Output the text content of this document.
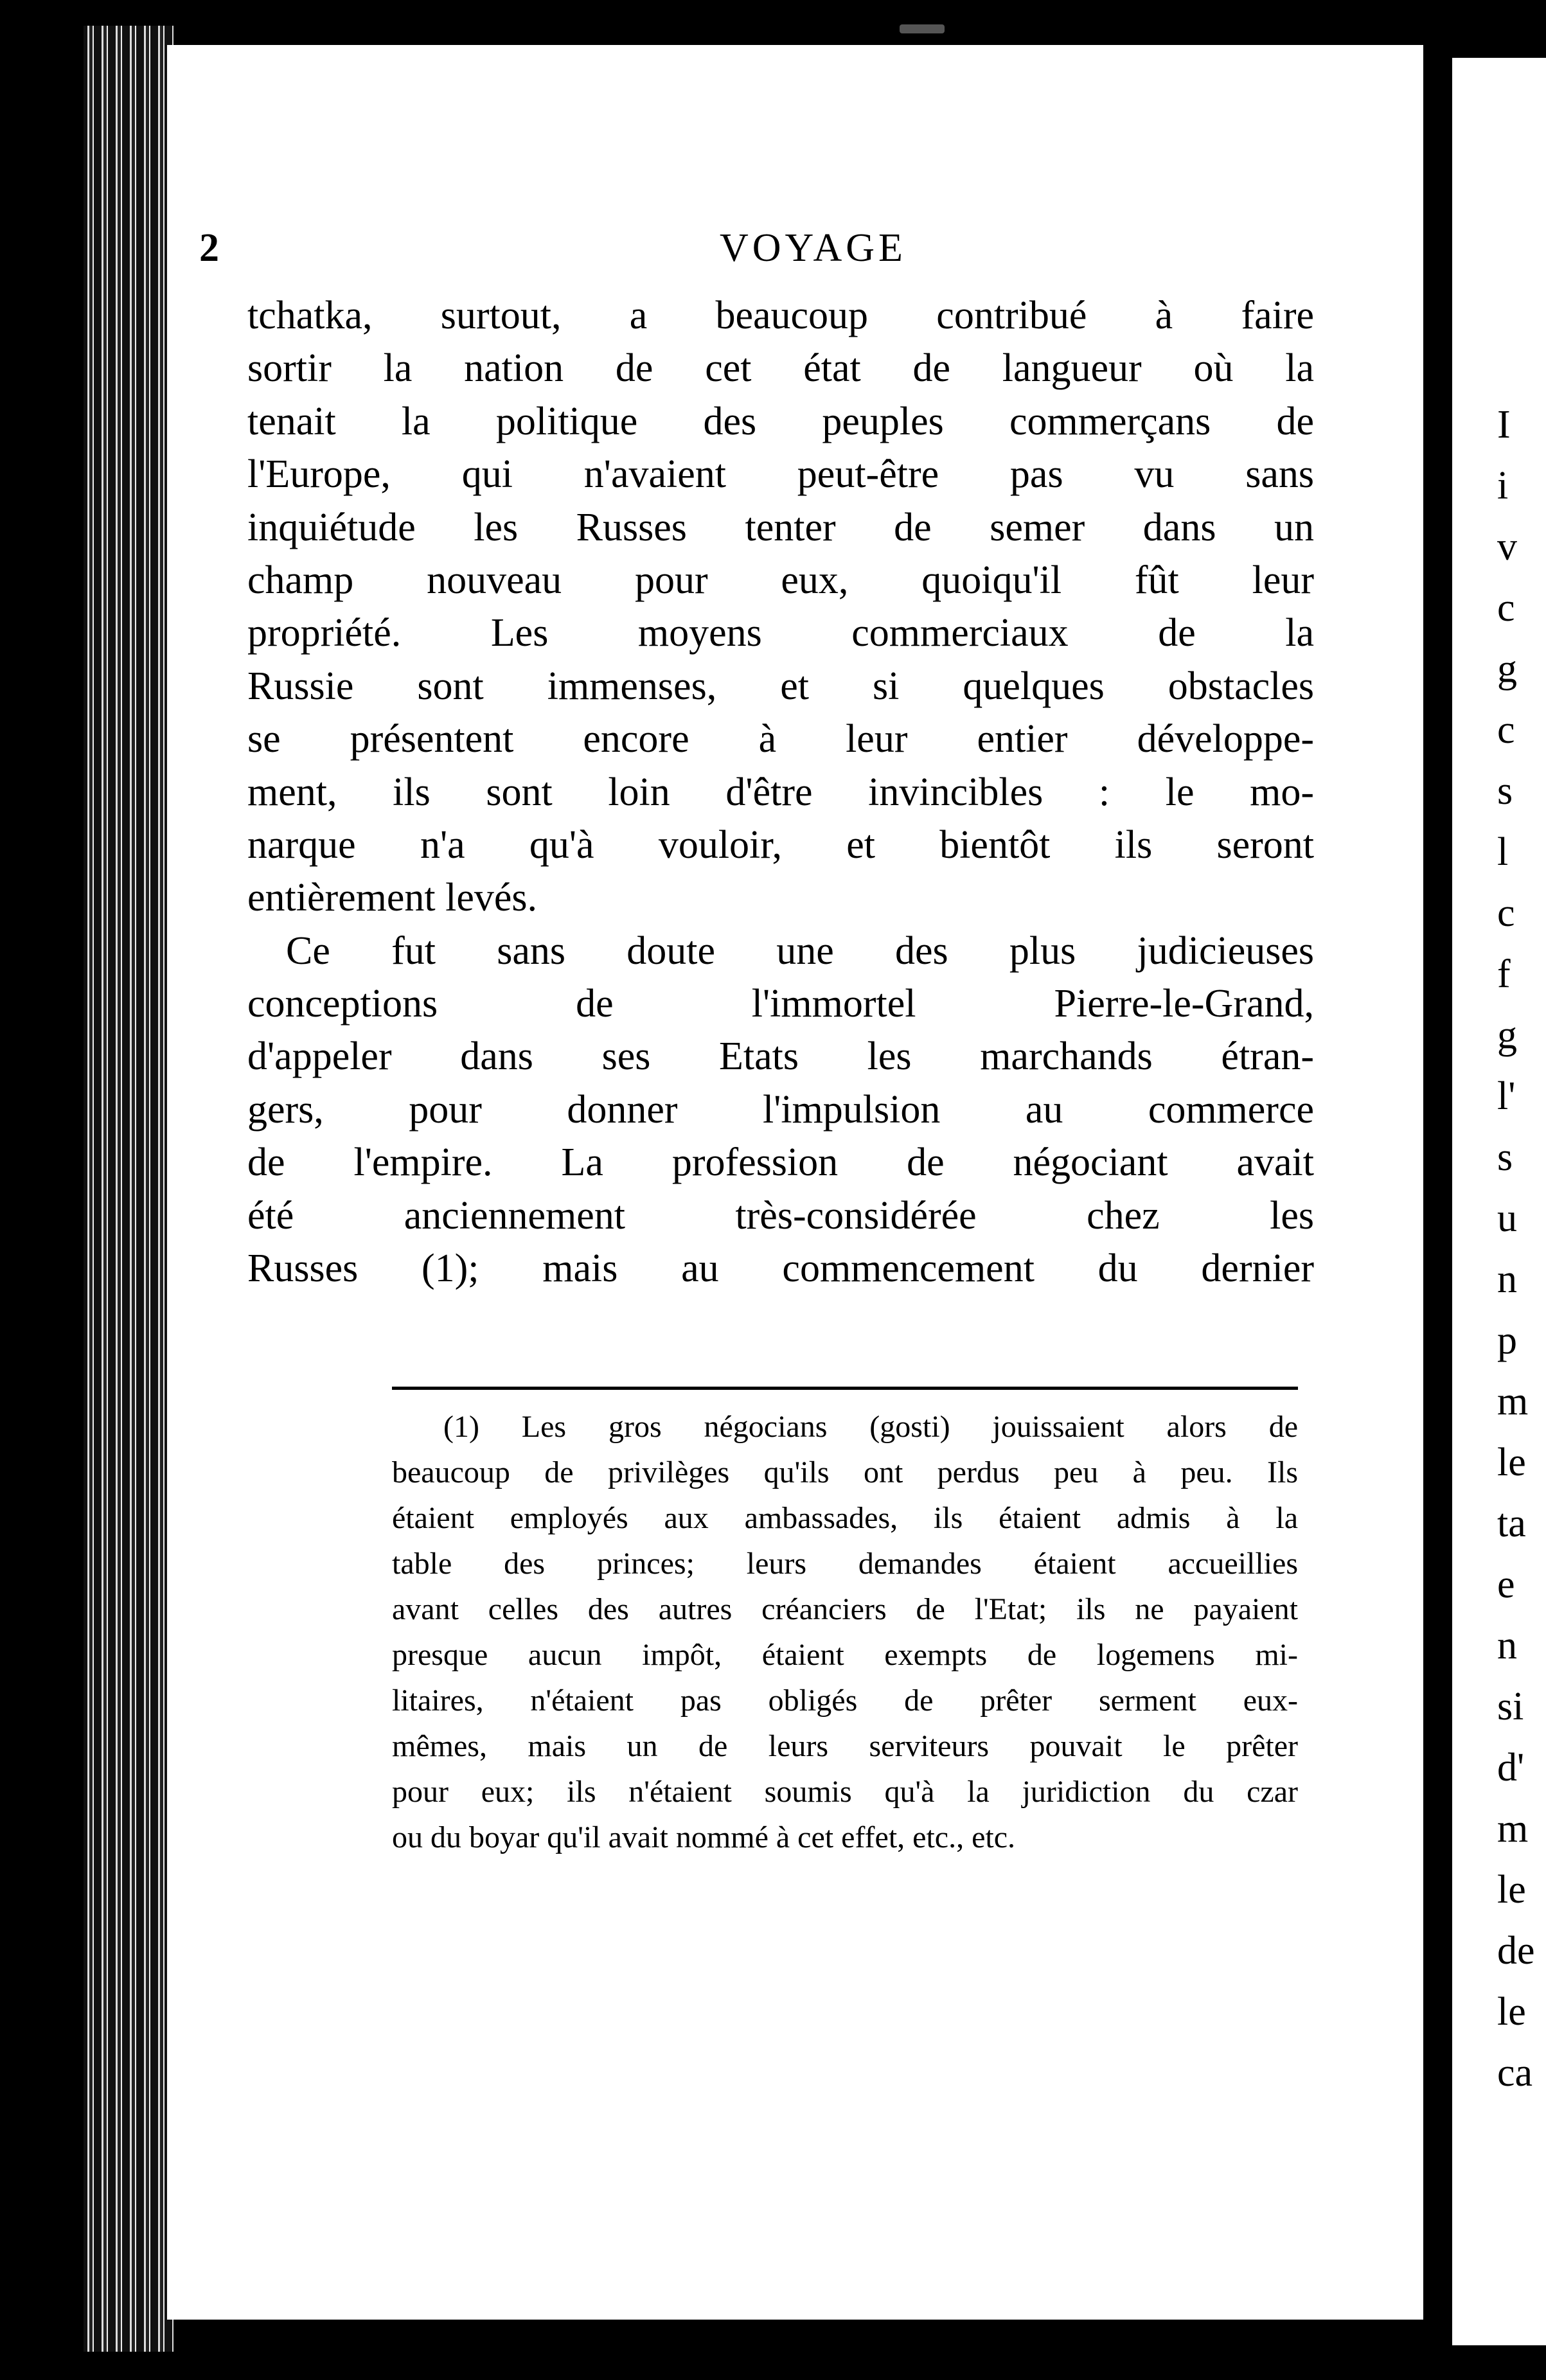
2	VOYAGE
tchatka, surtout, a beaucoup contribué à faire
sortir la nation de cet état de langueur où la
tenait la politique des peuples commerçans de
l'Europe, qui n'avaient peut-être pas vu sans
inquiétude les Russes tenter de semer dans un
champ nouveau pour eux, quoiqu'il fût leur
propriété. Les moyens commerciaux de la
Russie sont immenses, et si quelques obstacles
se présentent encore à leur entier développe-
ment, ils sont loin d'être invincibles : le mo-
narque n'a qu'à vouloir, et bientôt ils seront
entièrement levés.
Ce fut sans doute une des plus judicieuses
conceptions de l'immortel Pierre-le-Grand,
d'appeler dans ses Etats les marchands étran-
gers, pour donner l'impulsion au commerce
de l'empire. La profession de négociant avait
été anciennement très-considérée chez les
Russes (1); mais au commencement du dernier
(1) Les gros négocians (gosti) jouissaient alors de
beaucoup de privilèges qu'ils ont perdus peu à peu. Ils
étaient employés aux ambassades, ils étaient admis à la
table des princes; leurs demandes étaient accueillies
avant celles des autres créanciers de l'Etat; ils ne payaient
presque aucun impôt, étaient exempts de logemens mi-
litaires, n'étaient pas obligés de prêter serment eux-
mêmes, mais un de leurs serviteurs pouvait le prêter
pour eux; ils n'étaient soumis qu'à la juridiction du czar
ou du boyar qu'il avait nommé à cet effet, etc., etc.
I
i
v
c
g
c
s
l
c
f
g
l'
s
u
n
p
m
le
ta
e
n
si
d'
m
le
de
le
ca
